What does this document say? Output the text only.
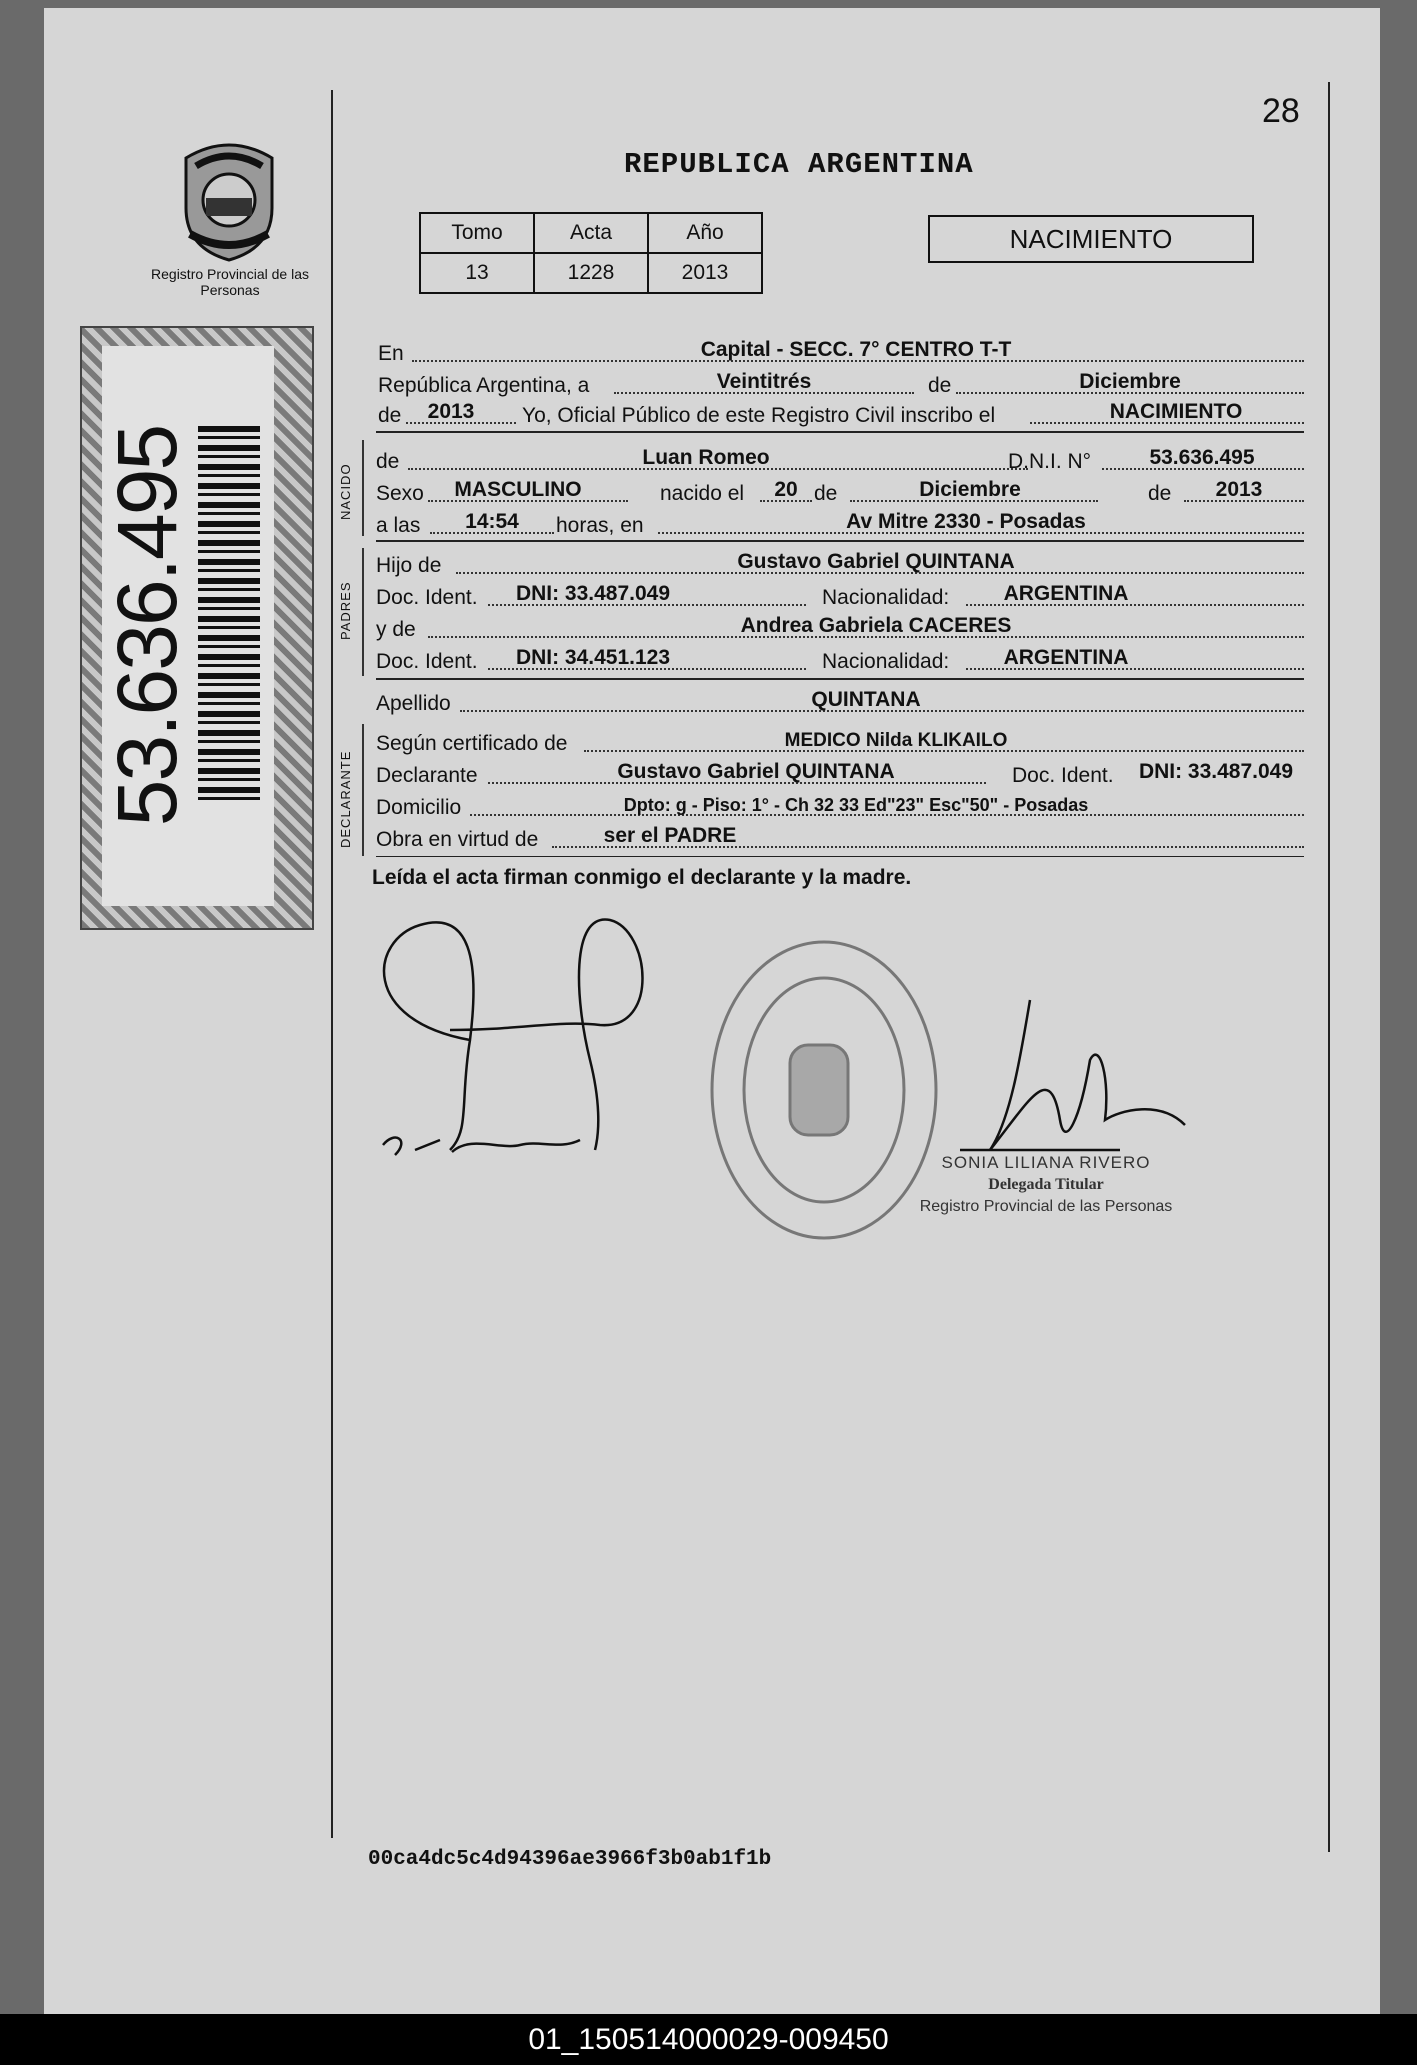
28
REPUBLICA ARGENTINA
Registro Provincial de las Personas
53.636.495
Tomo	Acta	Año
13	1228	2013
NACIMIENTO
En	Capital - SECC. 7° CENTRO T-T
República Argentina, a	Veintitrés	de	Diciembre
de	2013	Yo, Oficial Público de este Registro Civil inscribo el	NACIMIENTO
NACIDO
de	Luan Romeo	D.N.I. N°	53.636.495
Sexo	MASCULINO	nacido el	20 de	Diciembre	de	2013
a las	14:54	horas, en	Av Mitre 2330 - Posadas
PADRES
Hijo de	Gustavo Gabriel QUINTANA
Doc. Ident.	DNI: 33.487.049	Nacionalidad:	ARGENTINA
y de	Andrea Gabriela CACERES
Doc. Ident.	DNI: 34.451.123	Nacionalidad:	ARGENTINA
Apellido	QUINTANA
DECLARANTE
Según certificado de	MEDICO Nilda KLIKAILO
Declarante	Gustavo Gabriel QUINTANA	Doc. Ident.	DNI: 33.487.049
Domicilio	Dpto: g - Piso: 1° - Ch 32 33 Ed"23" Esc"50" - Posadas
Obra en virtud de	ser el PADRE
Leída el acta firman conmigo el declarante y la madre.
SONIA LILIANA RIVERO
Delegada Titular
Registro Provincial de las Personas
00ca4dc5c4d94396ae3966f3b0ab1f1b
01_150514000029-009450
